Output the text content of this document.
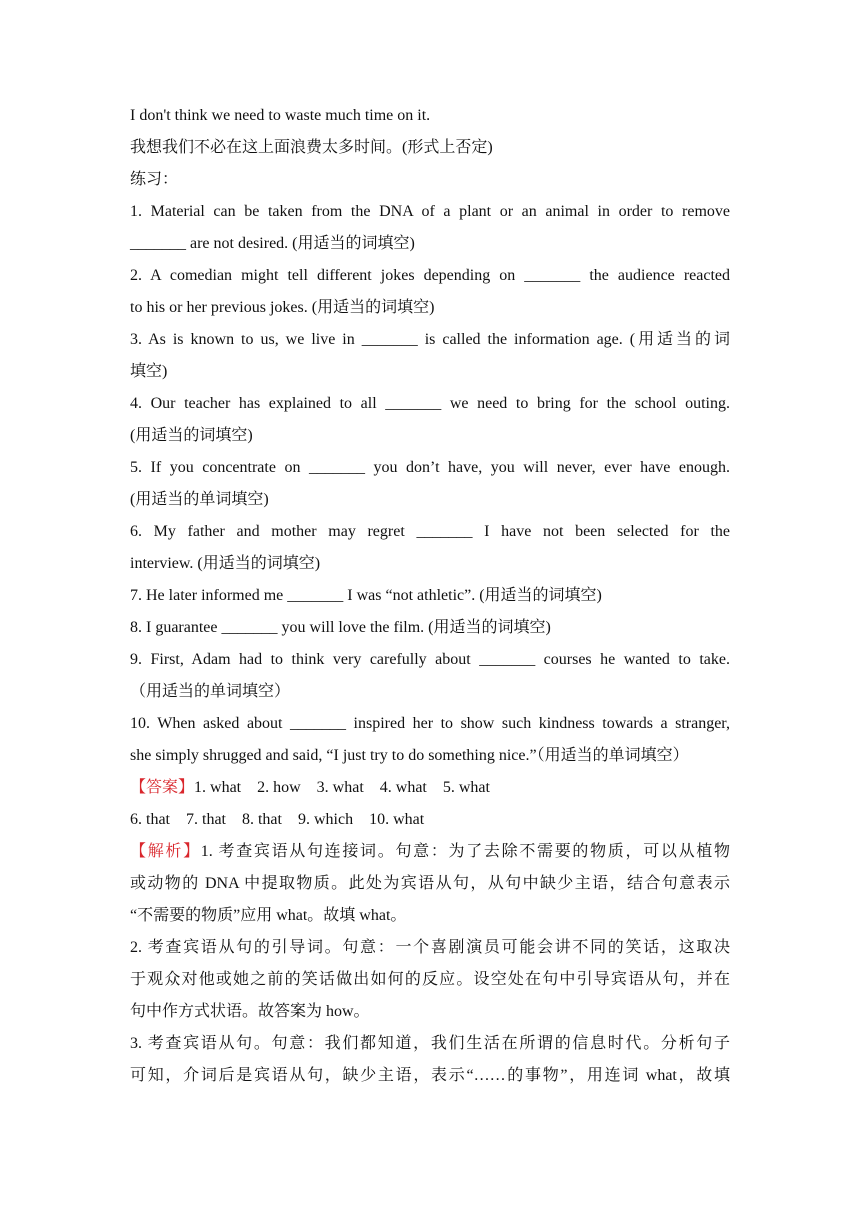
I don't think we need to waste much time on it.
我想我们不必在这上面浪费太多时间。(形式上否定)
练习：
1. Material can be taken from the DNA of a plant or an animal in order to remove
_______ are not desired. (用适当的词填空)
2. A comedian might tell different jokes depending on _______ the audience reacted
to his or her previous jokes. (用适当的词填空)
3. As is known to us, we live in _______ is called the information age. (用适当的词
填空)
4. Our teacher has explained to all _______ we need to bring for the school outing.
(用适当的词填空)
5. If you concentrate on _______ you don’t have, you will never, ever have enough.
(用适当的单词填空)
6. My father and mother may regret _______ I have not been selected for the
interview. (用适当的词填空)
7. He later informed me _______ I was “not athletic”. (用适当的词填空)
8. I guarantee _______ you will love the film. (用适当的词填空)
9. First, Adam had to think very carefully about _______ courses he wanted to take.
（用适当的单词填空）
10. When asked about _______ inspired her to show such kindness towards a stranger,
she simply shrugged and said, “I just try to do something nice.”（用适当的单词填空）
【答案】1. what    2. how    3. what    4. what    5. what
6. that    7. that    8. that    9. which    10. what
【解析】1. 考查宾语从句连接词。句意：为了去除不需要的物质，可以从植物
或动物的 DNA 中提取物质。此处为宾语从句，从句中缺少主语，结合句意表示
“不需要的物质”应用 what。故填 what。
2. 考查宾语从句的引导词。句意：一个喜剧演员可能会讲不同的笑话，这取决
于观众对他或她之前的笑话做出如何的反应。设空处在句中引导宾语从句，并在
句中作方式状语。故答案为 how。
3. 考查宾语从句。句意：我们都知道，我们生活在所谓的信息时代。分析句子
可知，介词后是宾语从句，缺少主语，表示“……的事物”，用连词 what，故填
